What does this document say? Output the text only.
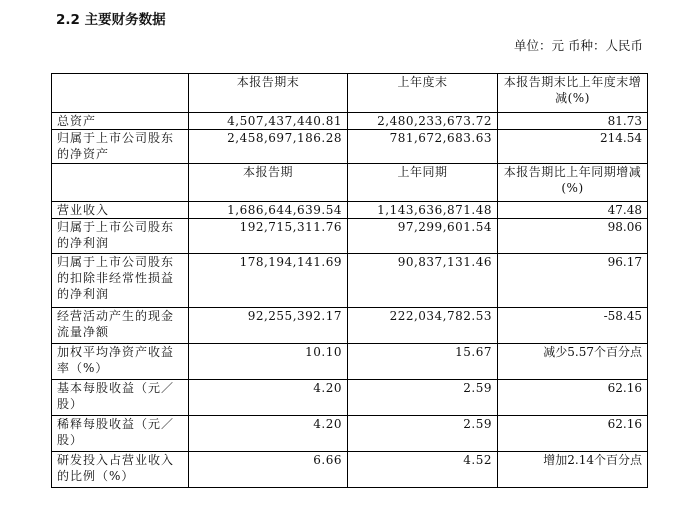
2.2 主要财务数据
单位：元 币种：人民币
	本报告期末	上年度末	本报告期末比上年度末增减(%)
总资产	4,507,437,440.81	2,480,233,673.72	81.73
归属于上市公司股东的净资产	2,458,697,186.28	781,672,683.63	214.54
	本报告期	上年同期	本报告期比上年同期增减(%)
营业收入	1,686,644,639.54	1,143,636,871.48	47.48
归属于上市公司股东的净利润	192,715,311.76	97,299,601.54	98.06
归属于上市公司股东的扣除非经常性损益的净利润	178,194,141.69	90,837,131.46	96.17
经营活动产生的现金流量净额	92,255,392.17	222,034,782.53	-58.45
加权平均净资产收益率（%）	10.10	15.67	减少5.57个百分点
基本每股收益（元／股）	4.20	2.59	62.16
稀释每股收益（元／股）	4.20	2.59	62.16
研发投入占营业收入的比例（%）	6.66	4.52	增加2.14个百分点
